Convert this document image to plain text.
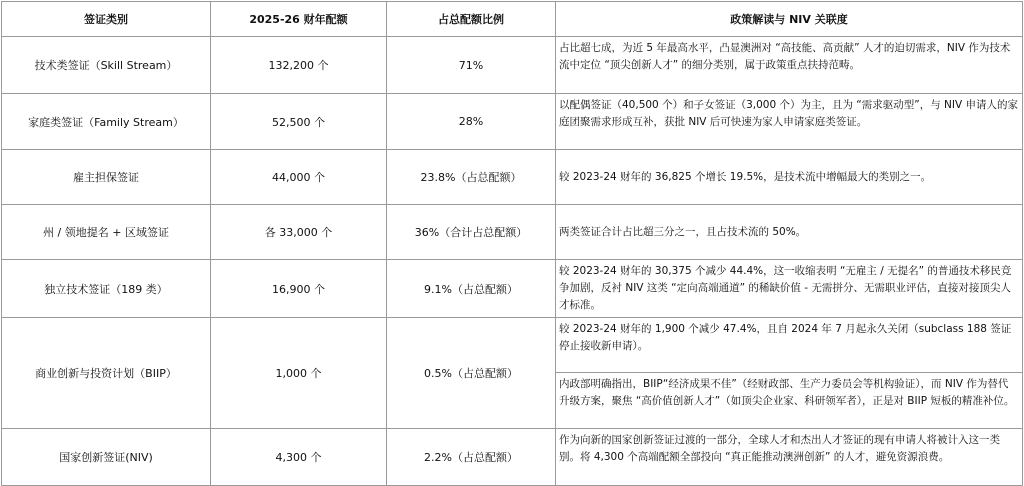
签证类别	2025-26 财年配额	占总配额比例	政策解读与 NIV 关联度
技术类签证（Skill Stream）	132,200 个	71%	占比超七成，为近 5 年最高水平，凸显澳洲对 “高技能、高贡献” 人才的迫切需求，NIV 作为技术流中定位 “顶尖创新人才” 的细分类别，属于政策重点扶持范畴。
家庭类签证（Family Stream）	52,500 个	28%	以配偶签证（40,500 个）和子女签证（3,000 个）为主，且为 “需求驱动型”，与 NIV 申请人的家庭团聚需求形成互补，获批 NIV 后可快速为家人申请家庭类签证。
雇主担保签证	44,000 个	23.8%（占总配额）	较 2023-24 财年的 36,825 个增长 19.5%，是技术流中增幅最大的类别之一。
州 / 领地提名 + 区域签证	各 33,000 个	36%（合计占总配额）	两类签证合计占比超三分之一，且占技术流的 50%。
独立技术签证（189 类）	16,900 个	9.1%（占总配额）	较 2023-24 财年的 30,375 个减少 44.4%，这一收缩表明 “无雇主 / 无提名” 的普通技术移民竞争加剧，反衬 NIV 这类 “定向高端通道” 的稀缺价值 - 无需拼分、无需职业评估，直接对接顶尖人才标准。
商业创新与投资计划（BIIP）	1,000 个	0.5%（占总配额）	较 2023-24 财年的 1,900 个减少 47.4%，且自 2024 年 7 月起永久关闭（subclass 188 签证停止接收新申请）。
			内政部明确指出，BIIP“经济成果不佳”（经财政部、生产力委员会等机构验证），而 NIV 作为替代升级方案，聚焦 “高价值创新人才”（如顶尖企业家、科研领军者），正是对 BIIP 短板的精准补位。
国家创新签证(NIV)	4,300 个	2.2%（占总配额）	作为向新的国家创新签证过渡的一部分，全球人才和杰出人才签证的现有申请人将被计入这一类别。将 4,300 个高端配额全部投向 “真正能推动澳洲创新” 的人才，避免资源浪费。
